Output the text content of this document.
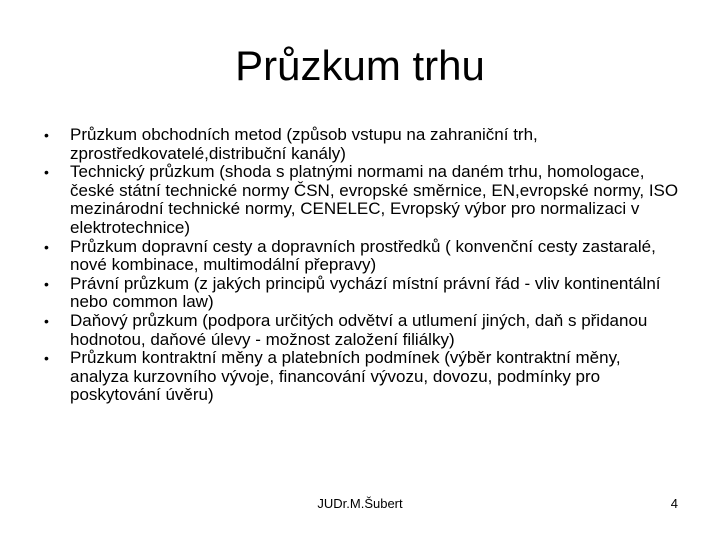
Průzkum trhu
• Průzkum obchodních metod (způsob vstupu na zahraniční trh, zprostředkovatelé,distribuční kanály)
• Technický průzkum (shoda s platnými normami na daném trhu, homologace, české státní technické normy ČSN, evropské směrnice, EN,evropské normy, ISO mezinárodní technické normy, CENELEC, Evropský výbor pro normalizaci v elektrotechnice)
• Průzkum dopravní cesty a dopravních prostředků ( konvenční cesty zastaralé, nové kombinace, multimodální přepravy)
• Právní průzkum (z jakých principů vychází místní právní řád - vliv kontinentální nebo common law)
• Daňový průzkum (podpora určitých odvětví a utlumení jiných, daň s přidanou hodnotou, daňové úlevy - možnost založení filiálky)
• Průzkum kontraktní měny a platebních podmínek (výběr kontraktní měny, analyza kurzovního vývoje, financování vývozu, dovozu, podmínky pro poskytování úvěru)
JUDr.M.Šubert	4
